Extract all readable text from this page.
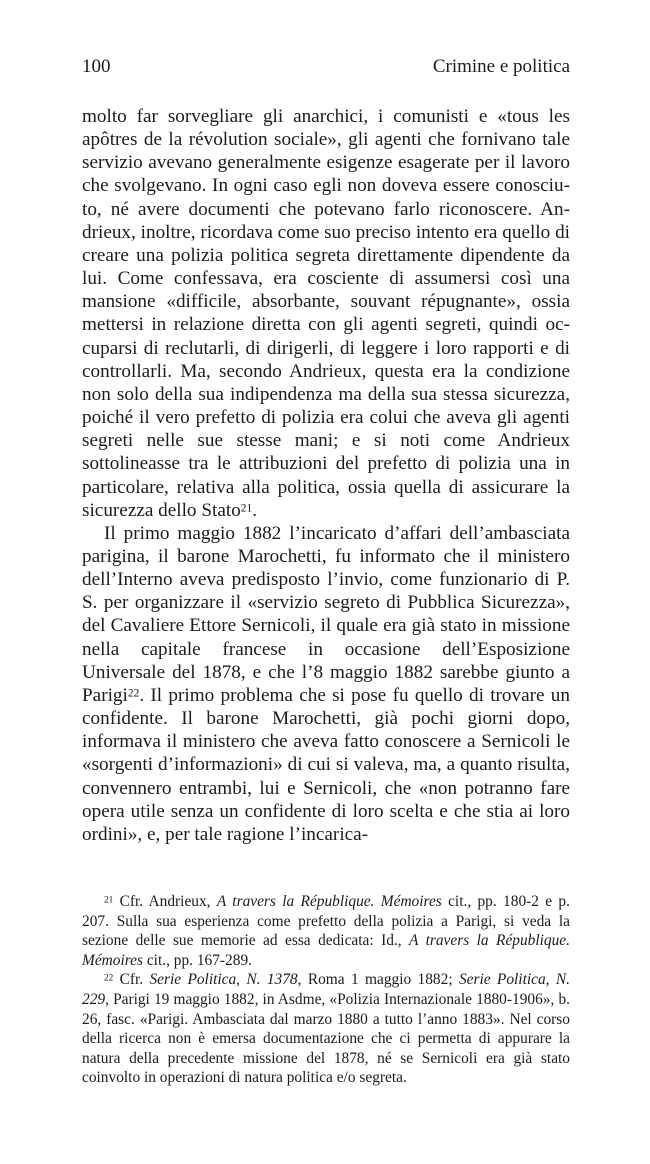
100	Crimine e politica

molto far sorvegliare gli anarchici, i comunisti e «tous les apôtres de la révolution sociale», gli agenti che fornivano tale servizio avevano generalmente esigenze esagerate per il lavoro che svolgevano. In ogni caso egli non doveva essere conosciuto, né avere documenti che potevano farlo riconoscere. Andrieux, inoltre, ricordava come suo preciso intento era quello di creare una polizia politica segreta direttamente dipendente da lui. Come confessava, era cosciente di assumersi così una mansione «difficile, absorbante, souvant répugnante», ossia mettersi in relazione diretta con gli agenti segreti, quindi occuparsi di reclutarli, di dirigerli, di leggere i loro rapporti e di controllarli. Ma, secondo Andrieux, questa era la condizione non solo della sua indipendenza ma della sua stessa sicurezza, poiché il vero prefetto di polizia era colui che aveva gli agenti segreti nelle sue stesse mani; e si noti come Andrieux sottolineasse tra le attribuzioni del prefetto di polizia una in particolare, relativa alla politica, ossia quella di assicurare la sicurezza dello Stato$^{21}$.

Il primo maggio 1882 l’incaricato d’affari dell’ambasciata parigina, il barone Marochetti, fu informato che il ministero dell’Interno aveva predisposto l’invio, come funzionario di P. S. per organizzare il «servizio segreto di Pubblica Sicurezza», del Cavaliere Ettore Sernicoli, il quale era già stato in missione nella capitale francese in occasione dell’Esposizione Universale del 1878, e che l’8 maggio 1882 sarebbe giunto a Parigi$^{22}$. Il primo problema che si pose fu quello di trovare un confidente. Il barone Marochetti, già pochi giorni dopo, informava il ministero che aveva fatto conoscere a Sernicoli le «sorgenti d’informazioni» di cui si valeva, ma, a quanto risulta, convennero entrambi, lui e Sernicoli, che «non potranno fare opera utile senza un confidente di loro scelta e che stia ai loro ordini», e, per tale ragione l’incarica-

$^{21}$ Cfr. Andrieux, A travers la République. Mémoires cit., pp. 180-2 e p. 207. Sulla sua esperienza come prefetto della polizia a Parigi, si veda la sezione delle sue memorie ad essa dedicata: Id., A travers la République. Mémoires cit., pp. 167-289.

$^{22}$ Cfr. Serie Politica, N. 1378, Roma 1 maggio 1882; Serie Politica, N. 229, Parigi 19 maggio 1882, in Asdme, «Polizia Internazionale 1880-1906», b. 26, fasc. «Parigi. Ambasciata dal marzo 1880 a tutto l’anno 1883». Nel corso della ricerca non è emersa documentazione che ci permetta di appurare la natura della precedente missione del 1878, né se Sernicoli era già stato coinvolto in operazioni di natura politica e/o segreta.
